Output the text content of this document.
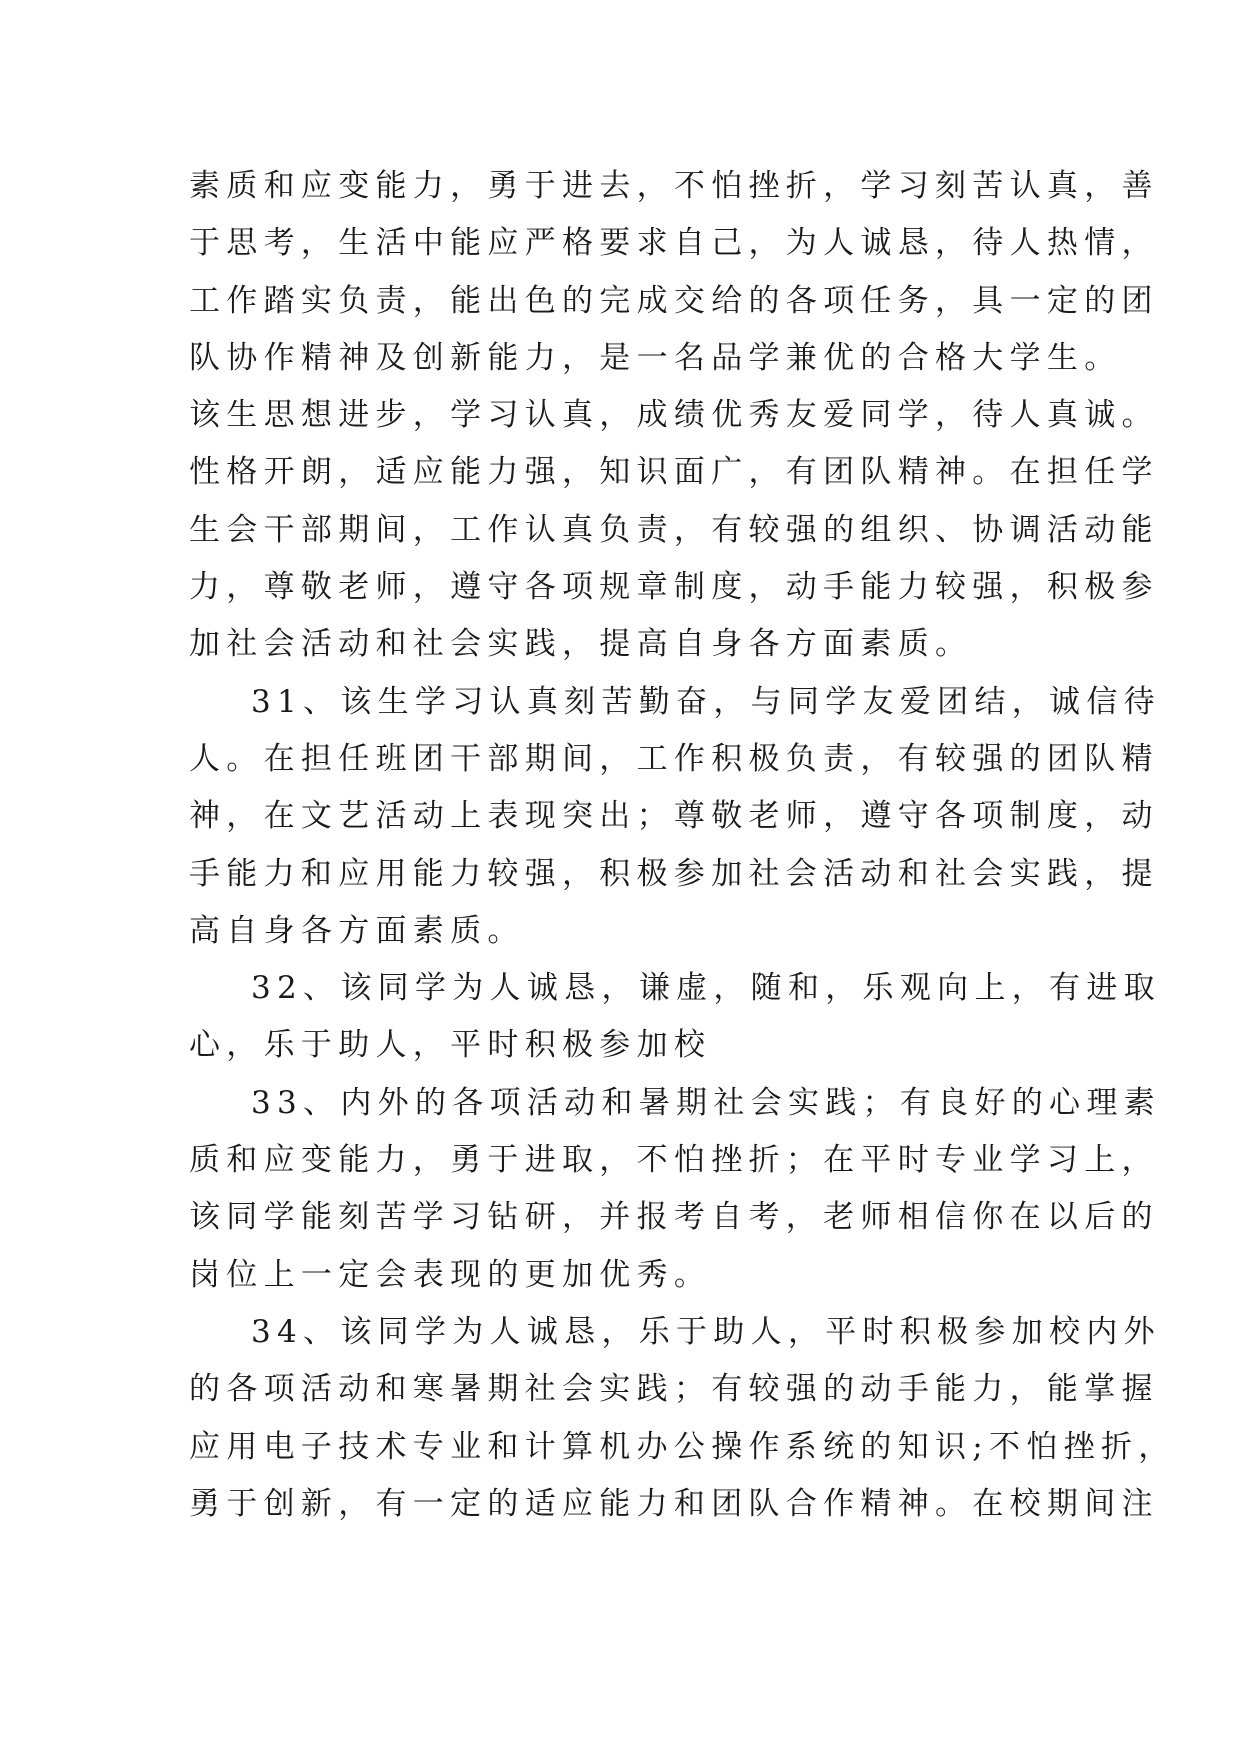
素质和应变能力，勇于进去，不怕挫折，学习刻苦认真，善
于思考，生活中能应严格要求自己，为人诚恳，待人热情，
工作踏实负责，能出色的完成交给的各项任务，具一定的团
队协作精神及创新能力，是一名品学兼优的合格大学生。
该生思想进步，学习认真，成绩优秀友爱同学，待人真诚。
性格开朗，适应能力强，知识面广，有团队精神。在担任学
生会干部期间，工作认真负责，有较强的组织、协调活动能
力，尊敬老师，遵守各项规章制度，动手能力较强，积极参
加社会活动和社会实践，提高自身各方面素质。
31、该生学习认真刻苦勤奋，与同学友爱团结，诚信待
人。在担任班团干部期间，工作积极负责，有较强的团队精
神，在文艺活动上表现突出；尊敬老师，遵守各项制度，动
手能力和应用能力较强，积极参加社会活动和社会实践，提
高自身各方面素质。
32、该同学为人诚恳，谦虚，随和，乐观向上，有进取
心，乐于助人，平时积极参加校
33、内外的各项活动和暑期社会实践；有良好的心理素
质和应变能力，勇于进取，不怕挫折；在平时专业学习上，
该同学能刻苦学习钻研，并报考自考，老师相信你在以后的
岗位上一定会表现的更加优秀。
34、该同学为人诚恳，乐于助人，平时积极参加校内外
的各项活动和寒暑期社会实践；有较强的动手能力，能掌握
应用电子技术专业和计算机办公操作系统的知识;不怕挫折，
勇于创新，有一定的适应能力和团队合作精神。在校期间注
